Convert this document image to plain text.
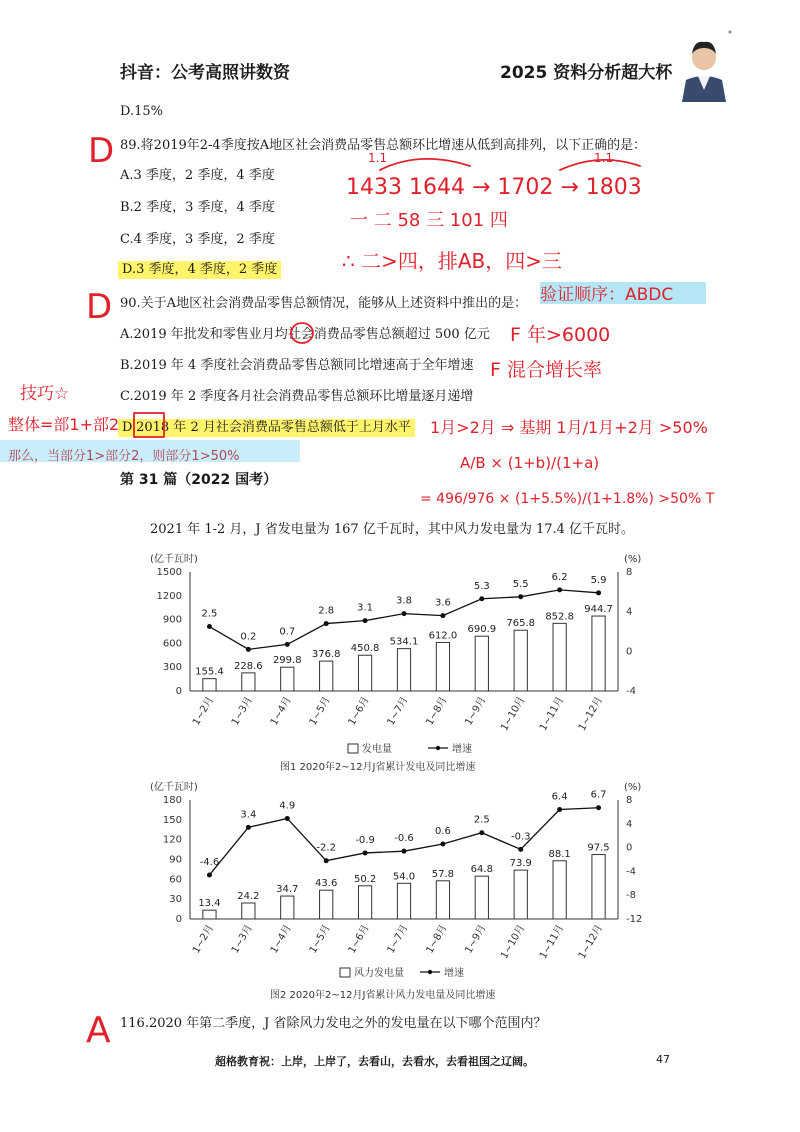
抖音：公考高照讲数资	2025 资料分析超大杯
D.15%
89.将2019年2-4季度按A地区社会消费品零售总额环比增速从低到高排列，以下正确的是：
A.3 季度，2 季度，4 季度
B.2 季度，3 季度，4 季度
C.4 季度，3 季度，2 季度
D.3 季度，4 季度，2 季度
90.关于A地区社会消费品零售总额情况，能够从上述资料中推出的是：
A.2019 年批发和零售业月均社会消费品零售总额超过 500 亿元
B.2019 年 4 季度社会消费品零售总额同比增速高于全年增速
C.2019 年 2 季度各月社会消费品零售总额环比增量逐月递增
D.2018 年 2 月社会消费品零售总额低于上月水平
第 31 篇（2022 国考）
2021 年 1-2 月，J 省发电量为 167 亿千瓦时，其中风力发电量为 17.4 亿千瓦时。
D
1433 1644 → 1702 → 1803
一 二 58 三 101 四
∴ 二>四，排AB，四>三
1.1	1.1
D	验证顺序：ABDC
F 年>6000
F 混合增长率
1月>2月 ⇒ 基期 1月/1月+2月 >50%
技巧☆
整体=部1+部2
那么，当部分1>部分2，则部分1>50%	A/B × (1+b)/(1+a)
= 496/976 × (1+5.5%)/(1+1.8%) >50% T
A
(亿千瓦时)	(%)
0
300
600
900
1200
1500
-4
0
4
8
155.4
2.5
1~2月
228.6
0.2
1~3月
299.8
0.7
1~4月
376.8
2.8
1~5月
450.8
3.1
1~6月
534.1
3.8
1~7月
612.0
3.6
1~8月
690.9
5.3
1~9月
765.8
5.5
1~10月
852.8
6.2
1~11月
944.7
5.9
1~12月
发电量	增速
图1 2020年2~12月J省累计发电及同比增速
(亿千瓦时)	(%)
0
30
60
90
120
150
180
-12
-8
-4
0
4
8
13.4
-4.6
1~2月
24.2
3.4
1~3月
34.7
4.9
1~4月
43.6
-2.2
1~5月
50.2
-0.9
1~6月
54.0
-0.6
1~7月
57.8
0.6
1~8月
64.8
2.5
1~9月
73.9
-0.3
1~10月
88.1
6.4
1~11月
97.5
6.7
1~12月
风力发电量	增速
图2 2020年2~12月J省累计风力发电量及同比增速
116.2020 年第二季度，J 省除风力发电之外的发电量在以下哪个范围内？
超格教育祝：上岸，上岸了，去看山，去看水，去看祖国之辽阔。	47
